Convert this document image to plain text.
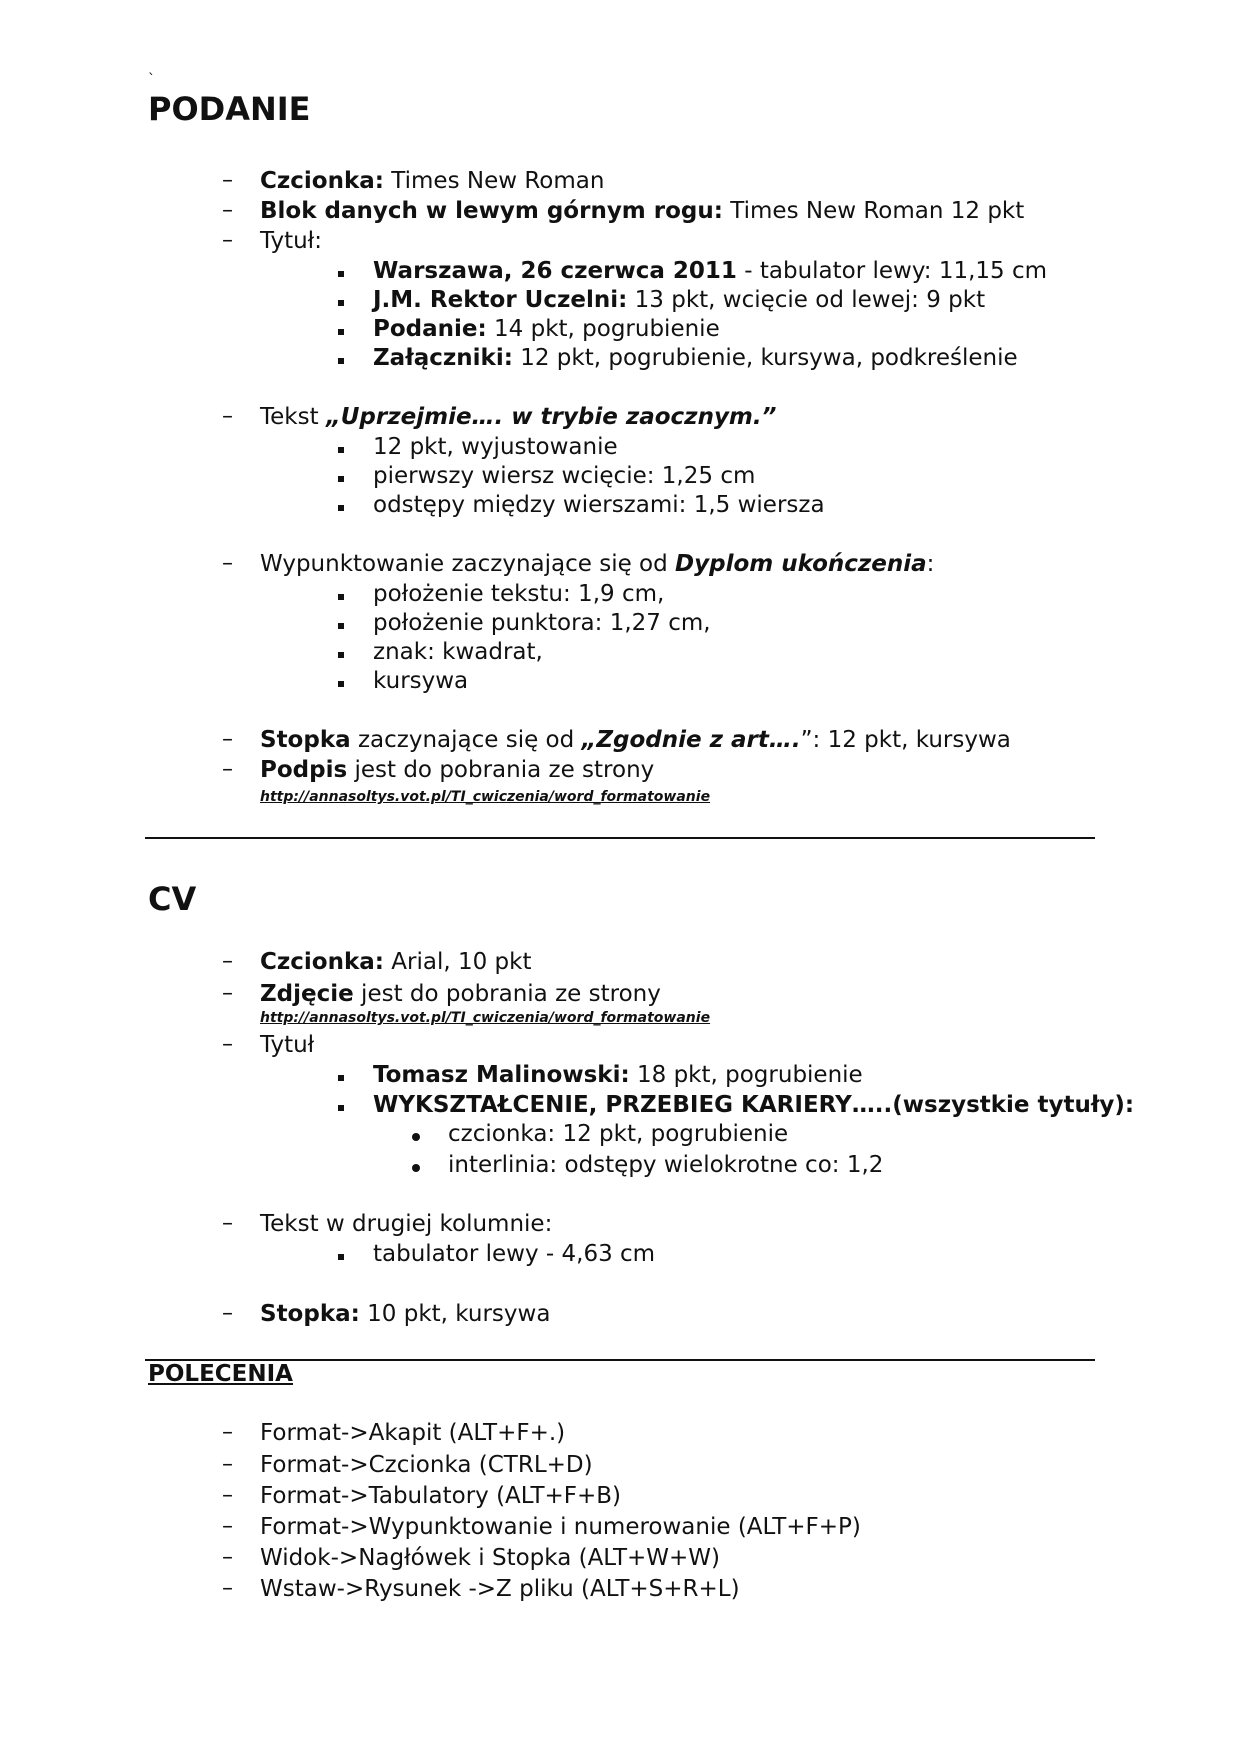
`
PODANIE
– Czcionka: Times New Roman
– Blok danych w lewym górnym rogu: Times New Roman 12 pkt
– Tytuł:
Warszawa, 26 czerwca 2011 - tabulator lewy: 11,15 cm
J.M. Rektor Uczelni: 13 pkt, wcięcie od lewej: 9 pkt
Podanie: 14 pkt, pogrubienie
Załączniki: 12 pkt, pogrubienie, kursywa, podkreślenie
– Tekst „Uprzejmie…. w trybie zaocznym.”
12 pkt, wyjustowanie
pierwszy wiersz wcięcie: 1,25 cm
odstępy między wierszami: 1,5 wiersza
– Wypunktowanie zaczynające się od Dyplom ukończenia:
położenie tekstu: 1,9 cm,
położenie punktora: 1,27 cm,
znak: kwadrat,
kursywa
– Stopka zaczynające się od „Zgodnie z art….”: 12 pkt, kursywa
– Podpis jest do pobrania ze strony
http://annasoltys.vot.pl/TI_cwiczenia/word_formatowanie
CV
– Czcionka: Arial, 10 pkt
– Zdjęcie jest do pobrania ze strony
http://annasoltys.vot.pl/TI_cwiczenia/word_formatowanie
– Tytuł
Tomasz Malinowski: 18 pkt, pogrubienie
WYKSZTAŁCENIE, PRZEBIEG KARIERY…..(wszystkie tytuły):
czcionka: 12 pkt, pogrubienie
interlinia: odstępy wielokrotne co: 1,2
– Tekst w drugiej kolumnie:
tabulator lewy - 4,63 cm
– Stopka: 10 pkt, kursywa
POLECENIA
– Format->Akapit (ALT+F+.)
– Format->Czcionka (CTRL+D)
– Format->Tabulatory (ALT+F+B)
– Format->Wypunktowanie i numerowanie (ALT+F+P)
– Widok->Nagłówek i Stopka (ALT+W+W)
– Wstaw->Rysunek ->Z pliku (ALT+S+R+L)
